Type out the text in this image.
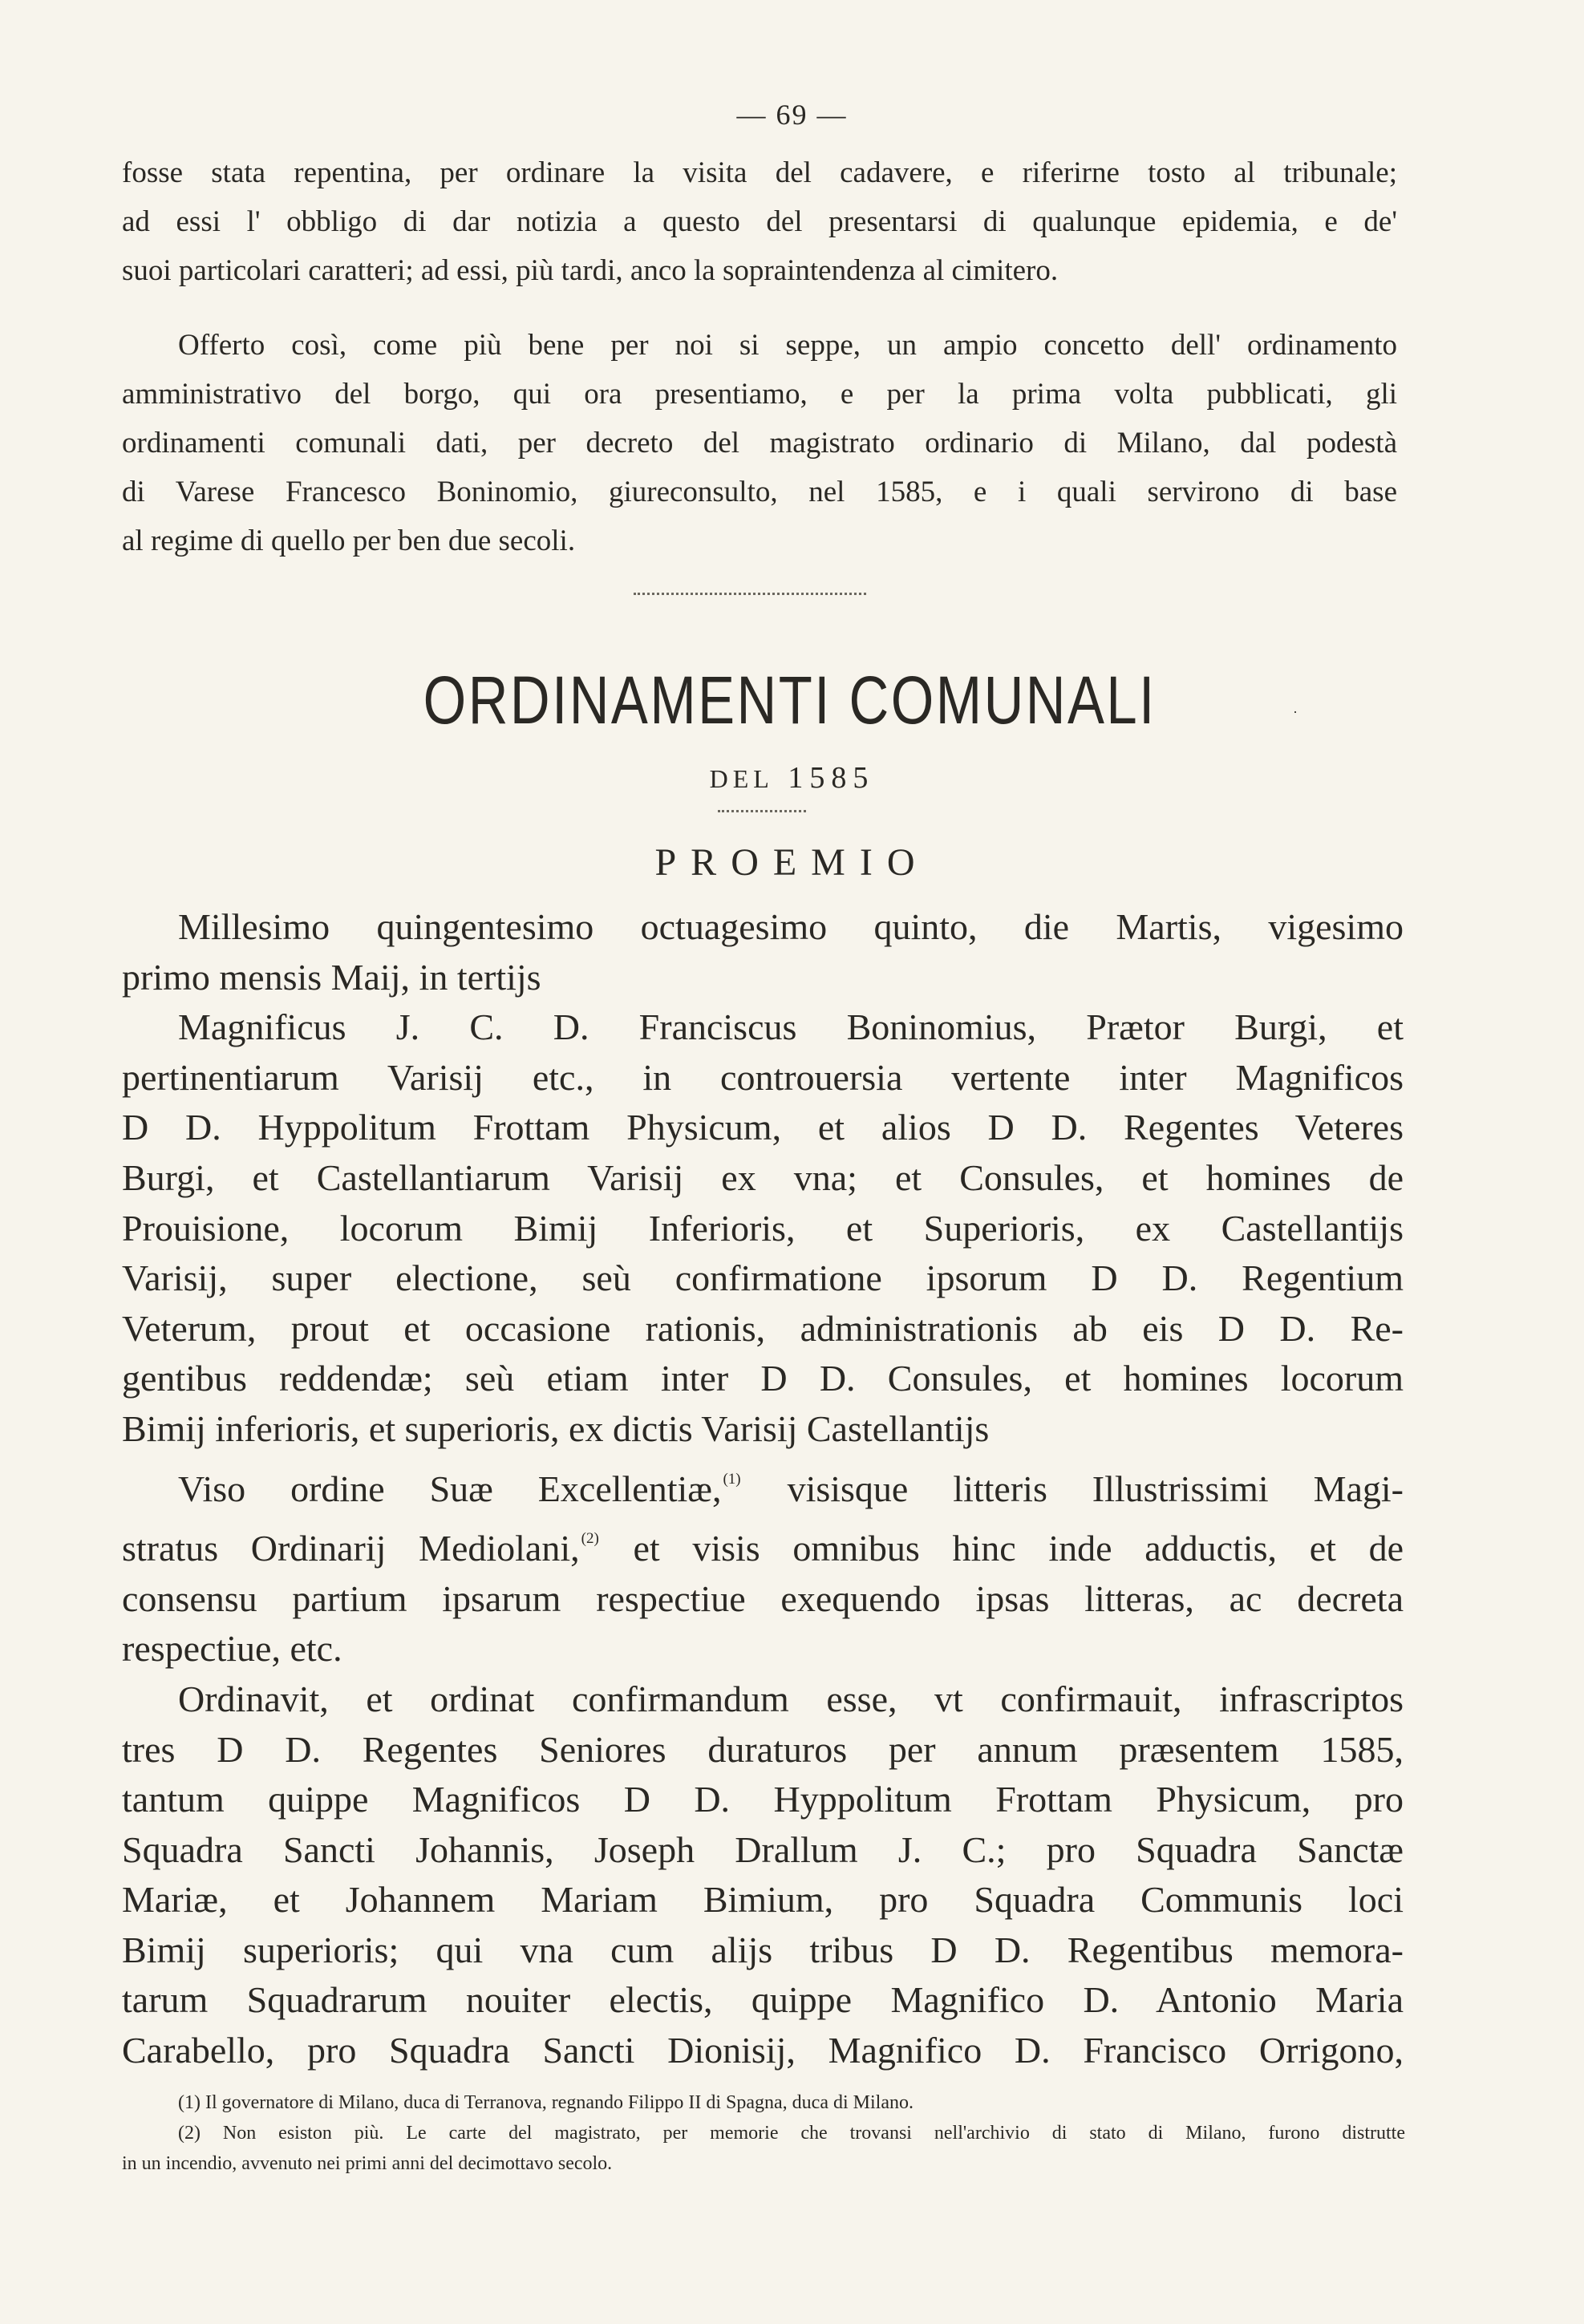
— 69 —
fosse stata repentina, per ordinare la visita del cadavere, e riferirne tosto al tribunale;
ad essi l' obbligo di dar notizia a questo del presentarsi di qualunque epidemia, e de'
suoi particolari caratteri; ad essi, più tardi, anco la sopraintendenza al cimitero.
Offerto così, come più bene per noi si seppe, un ampio concetto dell' ordinamento
amministrativo del borgo, qui ora presentiamo, e per la prima volta pubblicati, gli
ordinamenti comunali dati, per decreto del magistrato ordinario di Milano, dal podestà
di Varese Francesco Boninomio, giureconsulto, nel 1585, e i quali servirono di base
al regime di quello per ben due secoli.
ORDINAMENTI COMUNALI	·
DEL 1585
PROEMIO
Millesimo quingentesimo octuagesimo quinto, die Martis, vigesimo
primo mensis Maij, in tertijs
Magnificus J. C. D. Franciscus Boninomius, Prætor Burgi, et
pertinentiarum Varisij etc., in controuersia vertente inter Magnificos
D D. Hyppolitum Frottam Physicum, et alios D D. Regentes Veteres
Burgi, et Castellantiarum Varisij ex vna; et Consules, et homines de
Prouisione, locorum Bimij Inferioris, et Superioris, ex Castellantijs
Varisij, super electione, seù confirmatione ipsorum D D. Regentium
Veterum, prout et occasione rationis, administrationis ab eis D D. Re-
gentibus reddendæ; seù etiam inter D D. Consules, et homines locorum
Bimij inferioris, et superioris, ex dictis Varisij Castellantijs
Viso ordine Suæ Excellentiæ, $^{(1)}$ visisque litteris Illustrissimi Magi-
stratus Ordinarij Mediolani, $^{(2)}$ et visis omnibus hinc inde adductis, et de
consensu partium ipsarum respectiue exequendo ipsas litteras, ac decreta
respectiue, etc.
Ordinavit, et ordinat confirmandum esse, vt confirmauit, infrascriptos
tres D D. Regentes Seniores duraturos per annum præsentem 1585,
tantum quippe Magnificos D D. Hyppolitum Frottam Physicum, pro
Squadra Sancti Johannis, Joseph Drallum J. C.; pro Squadra Sanctæ
Mariæ, et Johannem Mariam Bimium, pro Squadra Communis loci
Bimij superioris; qui vna cum alijs tribus D D. Regentibus memora-
tarum Squadrarum nouiter electis, quippe Magnifico D. Antonio Maria
Carabello, pro Squadra Sancti Dionisij, Magnifico D. Francisco Orrigono,
(1) Il governatore di Milano, duca di Terranova, regnando Filippo II di Spagna, duca di Milano.
(2) Non esiston più. Le carte del magistrato, per memorie che trovansi nell'archivio di stato di Milano, furono distrutte
in un incendio, avvenuto nei primi anni del decimottavo secolo.
